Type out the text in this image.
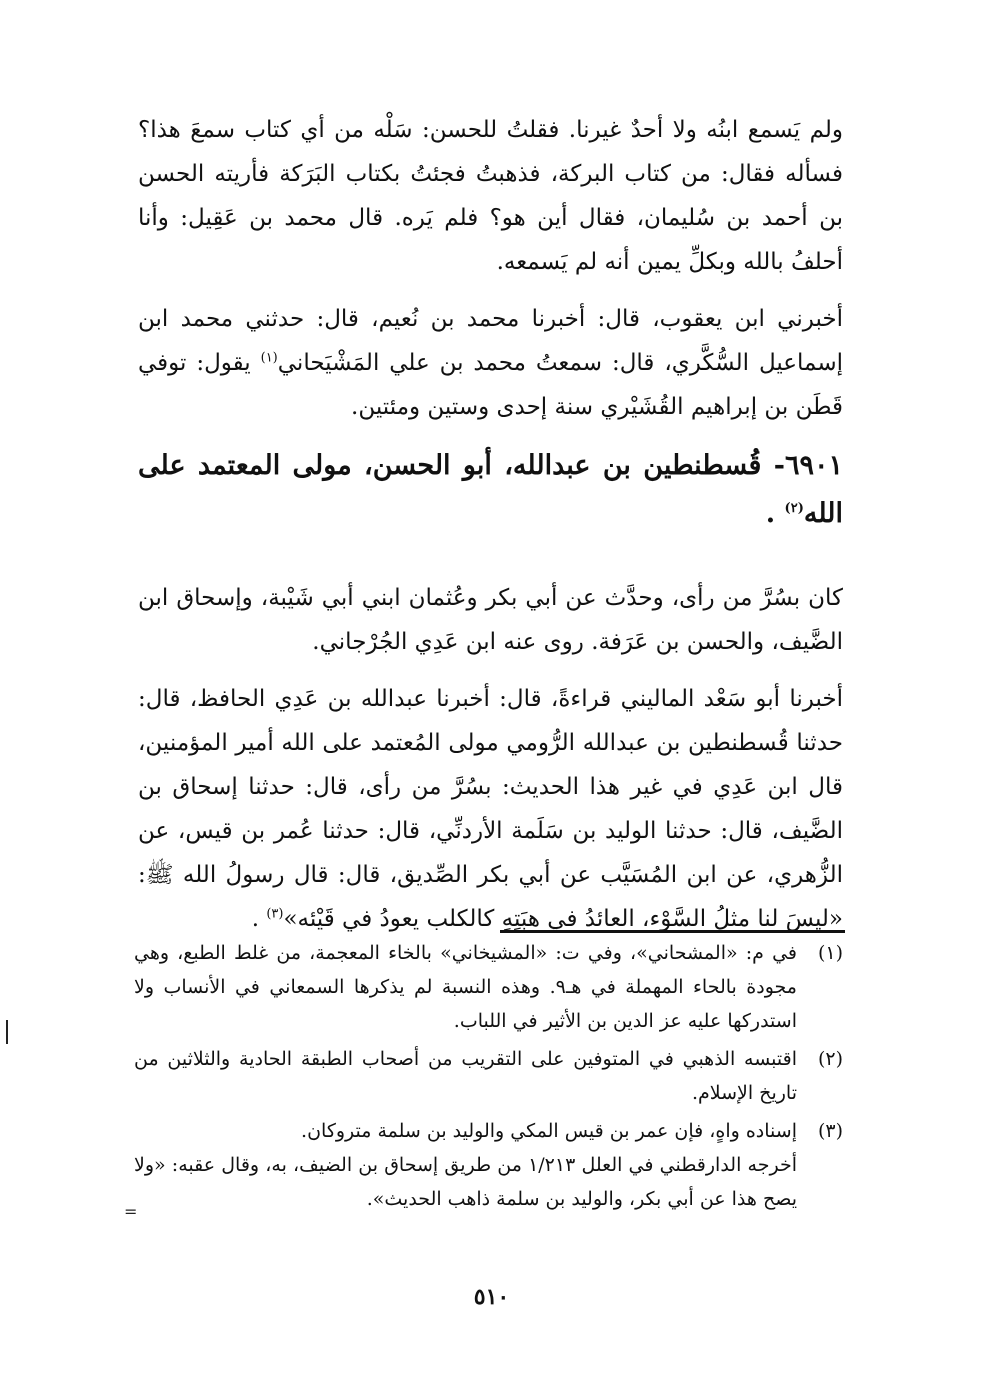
ولم يَسمع ابنُه ولا أحدٌ غيرنا. فقلتُ للحسن: سَلْه من أي كتاب سمعَ هذا؟ فسأله فقال: من كتاب البركة، فذهبتُ فجئتُ بكتاب البَرَكة فأريته الحسن بن أحمد بن سُليمان، فقال أين هو؟ فلم يَره. قال محمد بن عَقِيل: وأنا أحلفُ بالله وبكلِّ يمين أنه لم يَسمعه.

أخبرني ابن يعقوب، قال: أخبرنا محمد بن نُعيم، قال: حدثني محمد ابن إسماعيل السُّكَّري، قال: سمعتُ محمد بن علي المَشْيَحاني$^{(١)}$ يقول: توفي قَطَن بن إبراهيم القُشَيْري سنة إحدى وستين ومئتين.

٦٩٠١- قُسطنطين بن عبدالله، أبو الحسن، مولى المعتمد على الله$^{(٢)}$ .

كان بسُرَّ من رأى، وحدَّث عن أبي بكر وعُثمان ابني أبي شَيْبة، وإسحاق ابن الضَّيف، والحسن بن عَرَفة. روى عنه ابن عَدِي الجُرْجاني.

أخبرنا أبو سَعْد الماليني قراءةً، قال: أخبرنا عبدالله بن عَدِي الحافظ، قال: حدثنا قُسطنطين بن عبدالله الرُّومي مولى المُعتمد على الله أمير المؤمنين، قال ابن عَدِي في غير هذا الحديث: بسُرَّ من رأى، قال: حدثنا إسحاق بن الضَّيف، قال: حدثنا الوليد بن سَلَمة الأردنِّي، قال: حدثنا عُمر بن قيس، عن الزُّهري، عن ابن المُسَيَّب عن أبي بكر الصِّديق، قال: قال رسولُ الله ﷺ: «ليسَ لنا مثلُ السَّوْء، العائدُ في هبَتِهِ كالكلب يعودُ في قَيْئه»$^{(٣)}$ .

(١)

في م: «المشحاني»، وفي ت: «المشيخاني» بالخاء المعجمة، من غلط الطبع، وهي مجودة بالحاء المهملة في هـ٩. وهذه النسبة لم يذكرها السمعاني في الأنساب ولا استدركها عليه عز الدين بن الأثير في اللباب.

(٢)

اقتبسه الذهبي في المتوفين على التقريب من أصحاب الطبقة الحادية والثلاثين من تاريخ الإسلام.

(٣)

إسناده واهٍ، فإن عمر بن قيس المكي والوليد بن سلمة متروكان.

أخرجه الدارقطني في العلل ١/٢١٣ من طريق إسحاق بن الضيف، به، وقال عقبه: «ولا يصح هذا عن أبي بكر، والوليد بن سلمة ذاهب الحديث».

=
٥١٠
